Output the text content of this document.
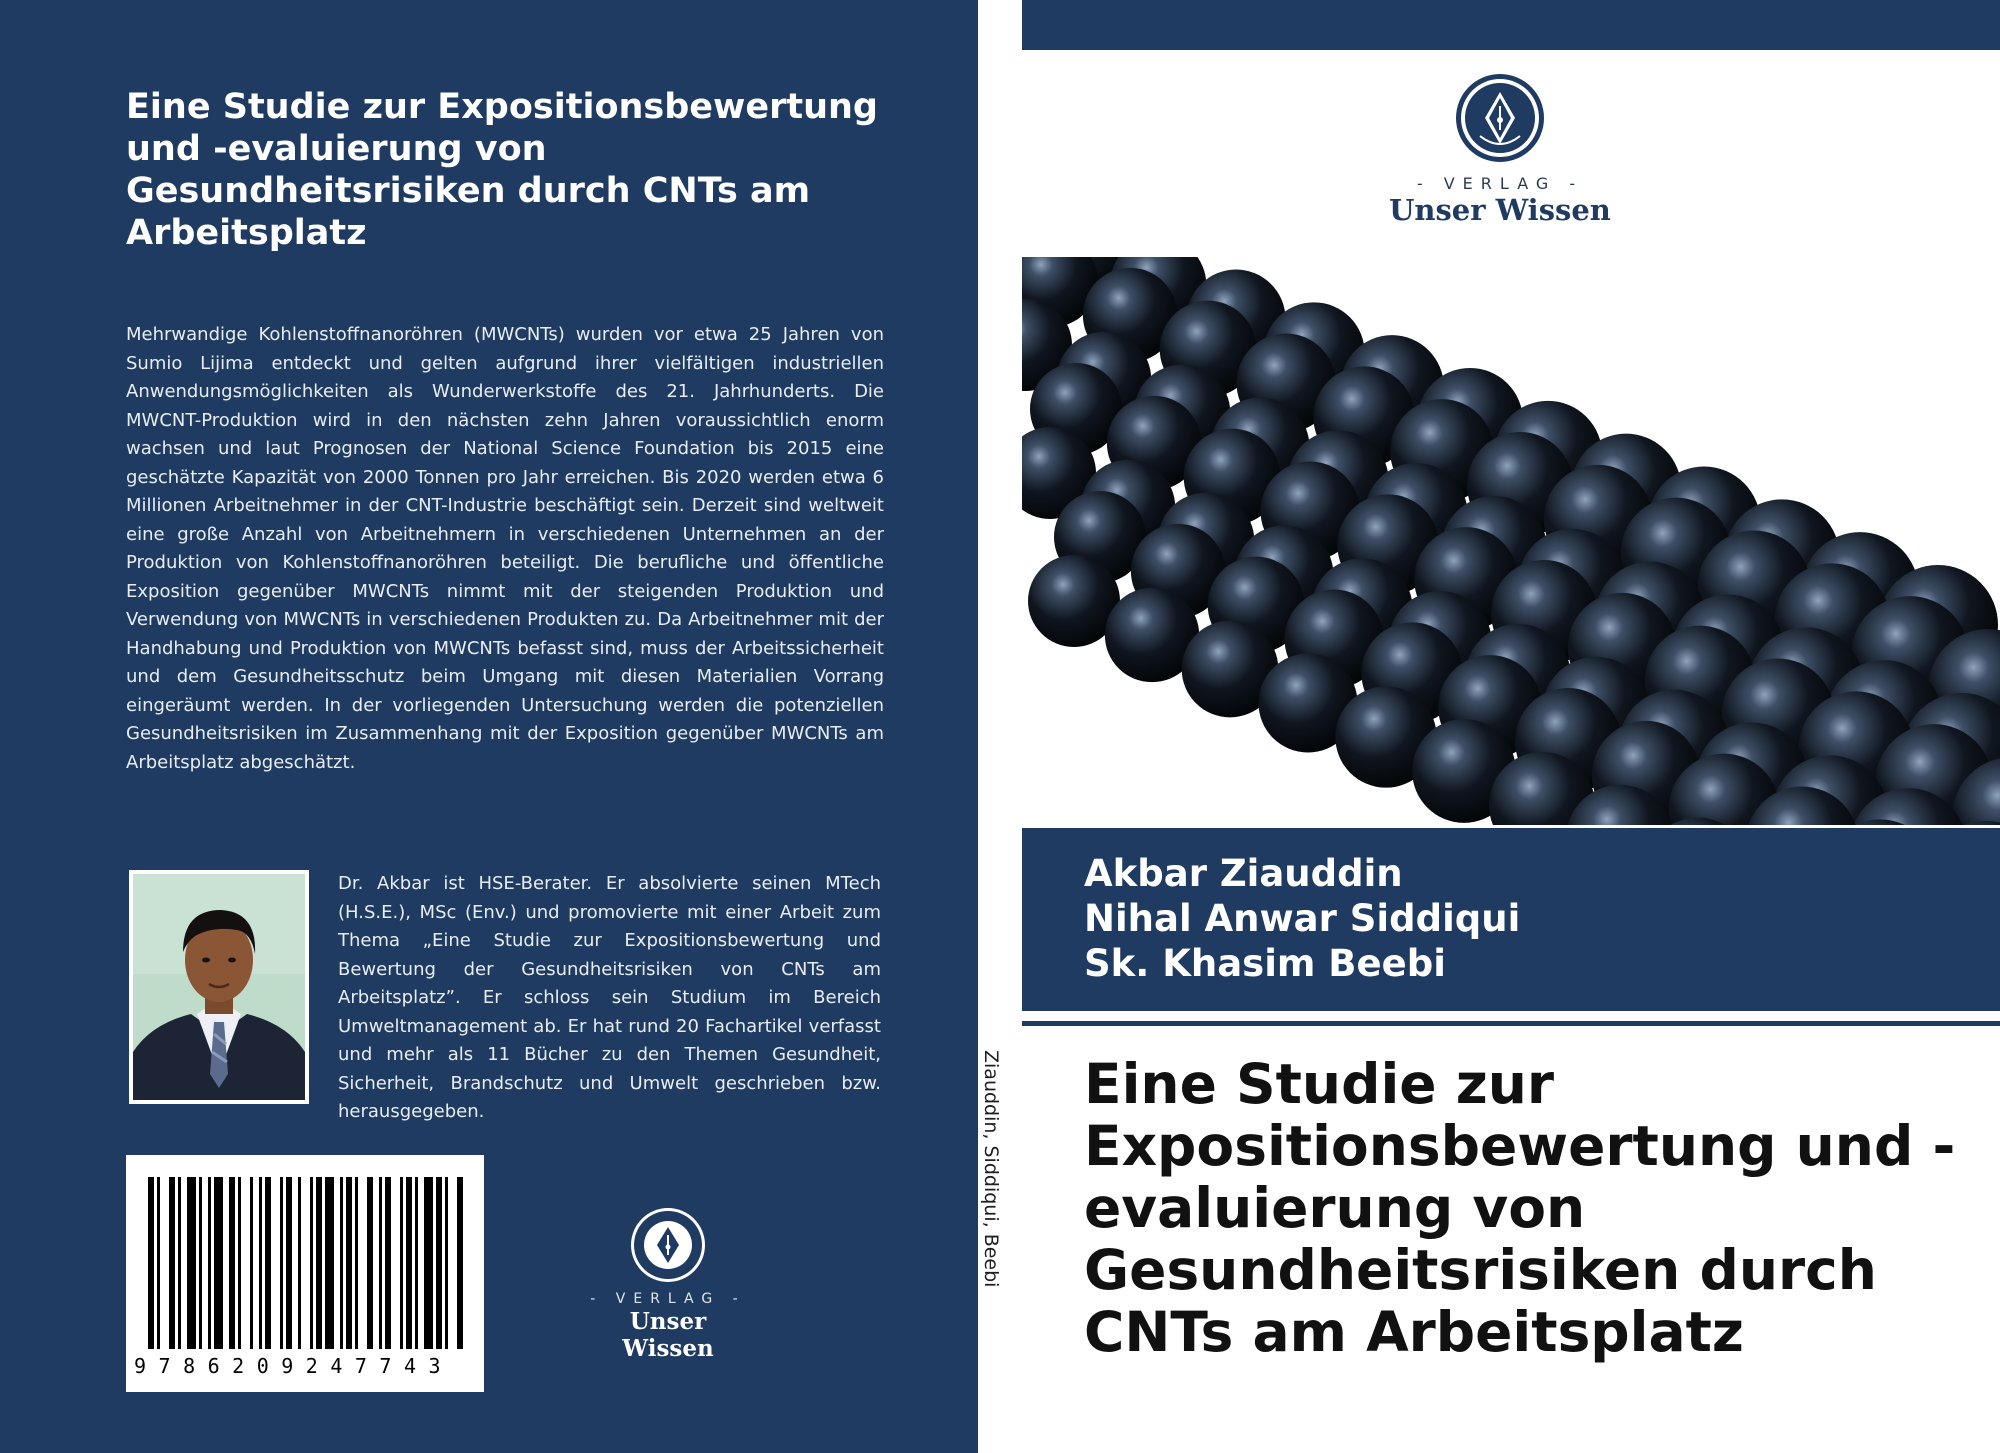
Eine Studie zur Expositionsbewertung und -evaluierung von Gesundheitsrisiken durch CNTs am Arbeitsplatz
Mehrwandige Kohlenstoffnanoröhren (MWCNTs) wurden vor etwa 25 Jahren von Sumio Lijima entdeckt und gelten aufgrund ihrer vielfältigen industriellen Anwendungsmöglichkeiten als Wunderwerkstoffe des 21. Jahrhunderts. Die MWCNT-Produktion wird in den nächsten zehn Jahren voraussichtlich enorm wachsen und laut Prognosen der National Science Foundation bis 2015 eine geschätzte Kapazität von 2000 Tonnen pro Jahr erreichen. Bis 2020 werden etwa 6 Millionen Arbeitnehmer in der CNT-Industrie beschäftigt sein. Derzeit sind weltweit eine große Anzahl von Arbeitnehmern in verschiedenen Unternehmen an der Produktion von Kohlenstoffnanoröhren beteiligt. Die berufliche und öffentliche Exposition gegenüber MWCNTs nimmt mit der steigenden Produktion und Verwendung von MWCNTs in verschiedenen Produkten zu. Da Arbeitnehmer mit der Handhabung und Produktion von MWCNTs befasst sind, muss der Arbeitssicherheit und dem Gesundheitsschutz beim Umgang mit diesen Materialien Vorrang eingeräumt werden. In der vorliegenden Untersuchung werden die potenziellen Gesundheitsrisiken im Zusammenhang mit der Exposition gegenüber MWCNTs am Arbeitsplatz abgeschätzt.
Dr. Akbar ist HSE-Berater. Er absolvierte seinen MTech (H.S.E.), MSc (Env.) und promovierte mit einer Arbeit zum Thema „Eine Studie zur Expositionsbewertung und Bewertung der Gesundheitsrisiken von CNTs am Arbeitsplatz”. Er schloss sein Studium im Bereich Umweltmanagement ab. Er hat rund 20 Fachartikel verfasst und mehr als 11 Bücher zu den Themen Gesundheit, Sicherheit, Brandschutz und Umwelt geschrieben bzw. herausgegeben.
9786209247743
- VERLAG -
Unser Wissen
Ziauddin, Siddiqui, Beebi
- VERLAG -
Unser Wissen
Akbar Ziauddin
Nihal Anwar Siddiqui
Sk. Khasim Beebi
Eine Studie zur Expositionsbewertung und -evaluierung von Gesundheitsrisiken durch CNTs am Arbeitsplatz
